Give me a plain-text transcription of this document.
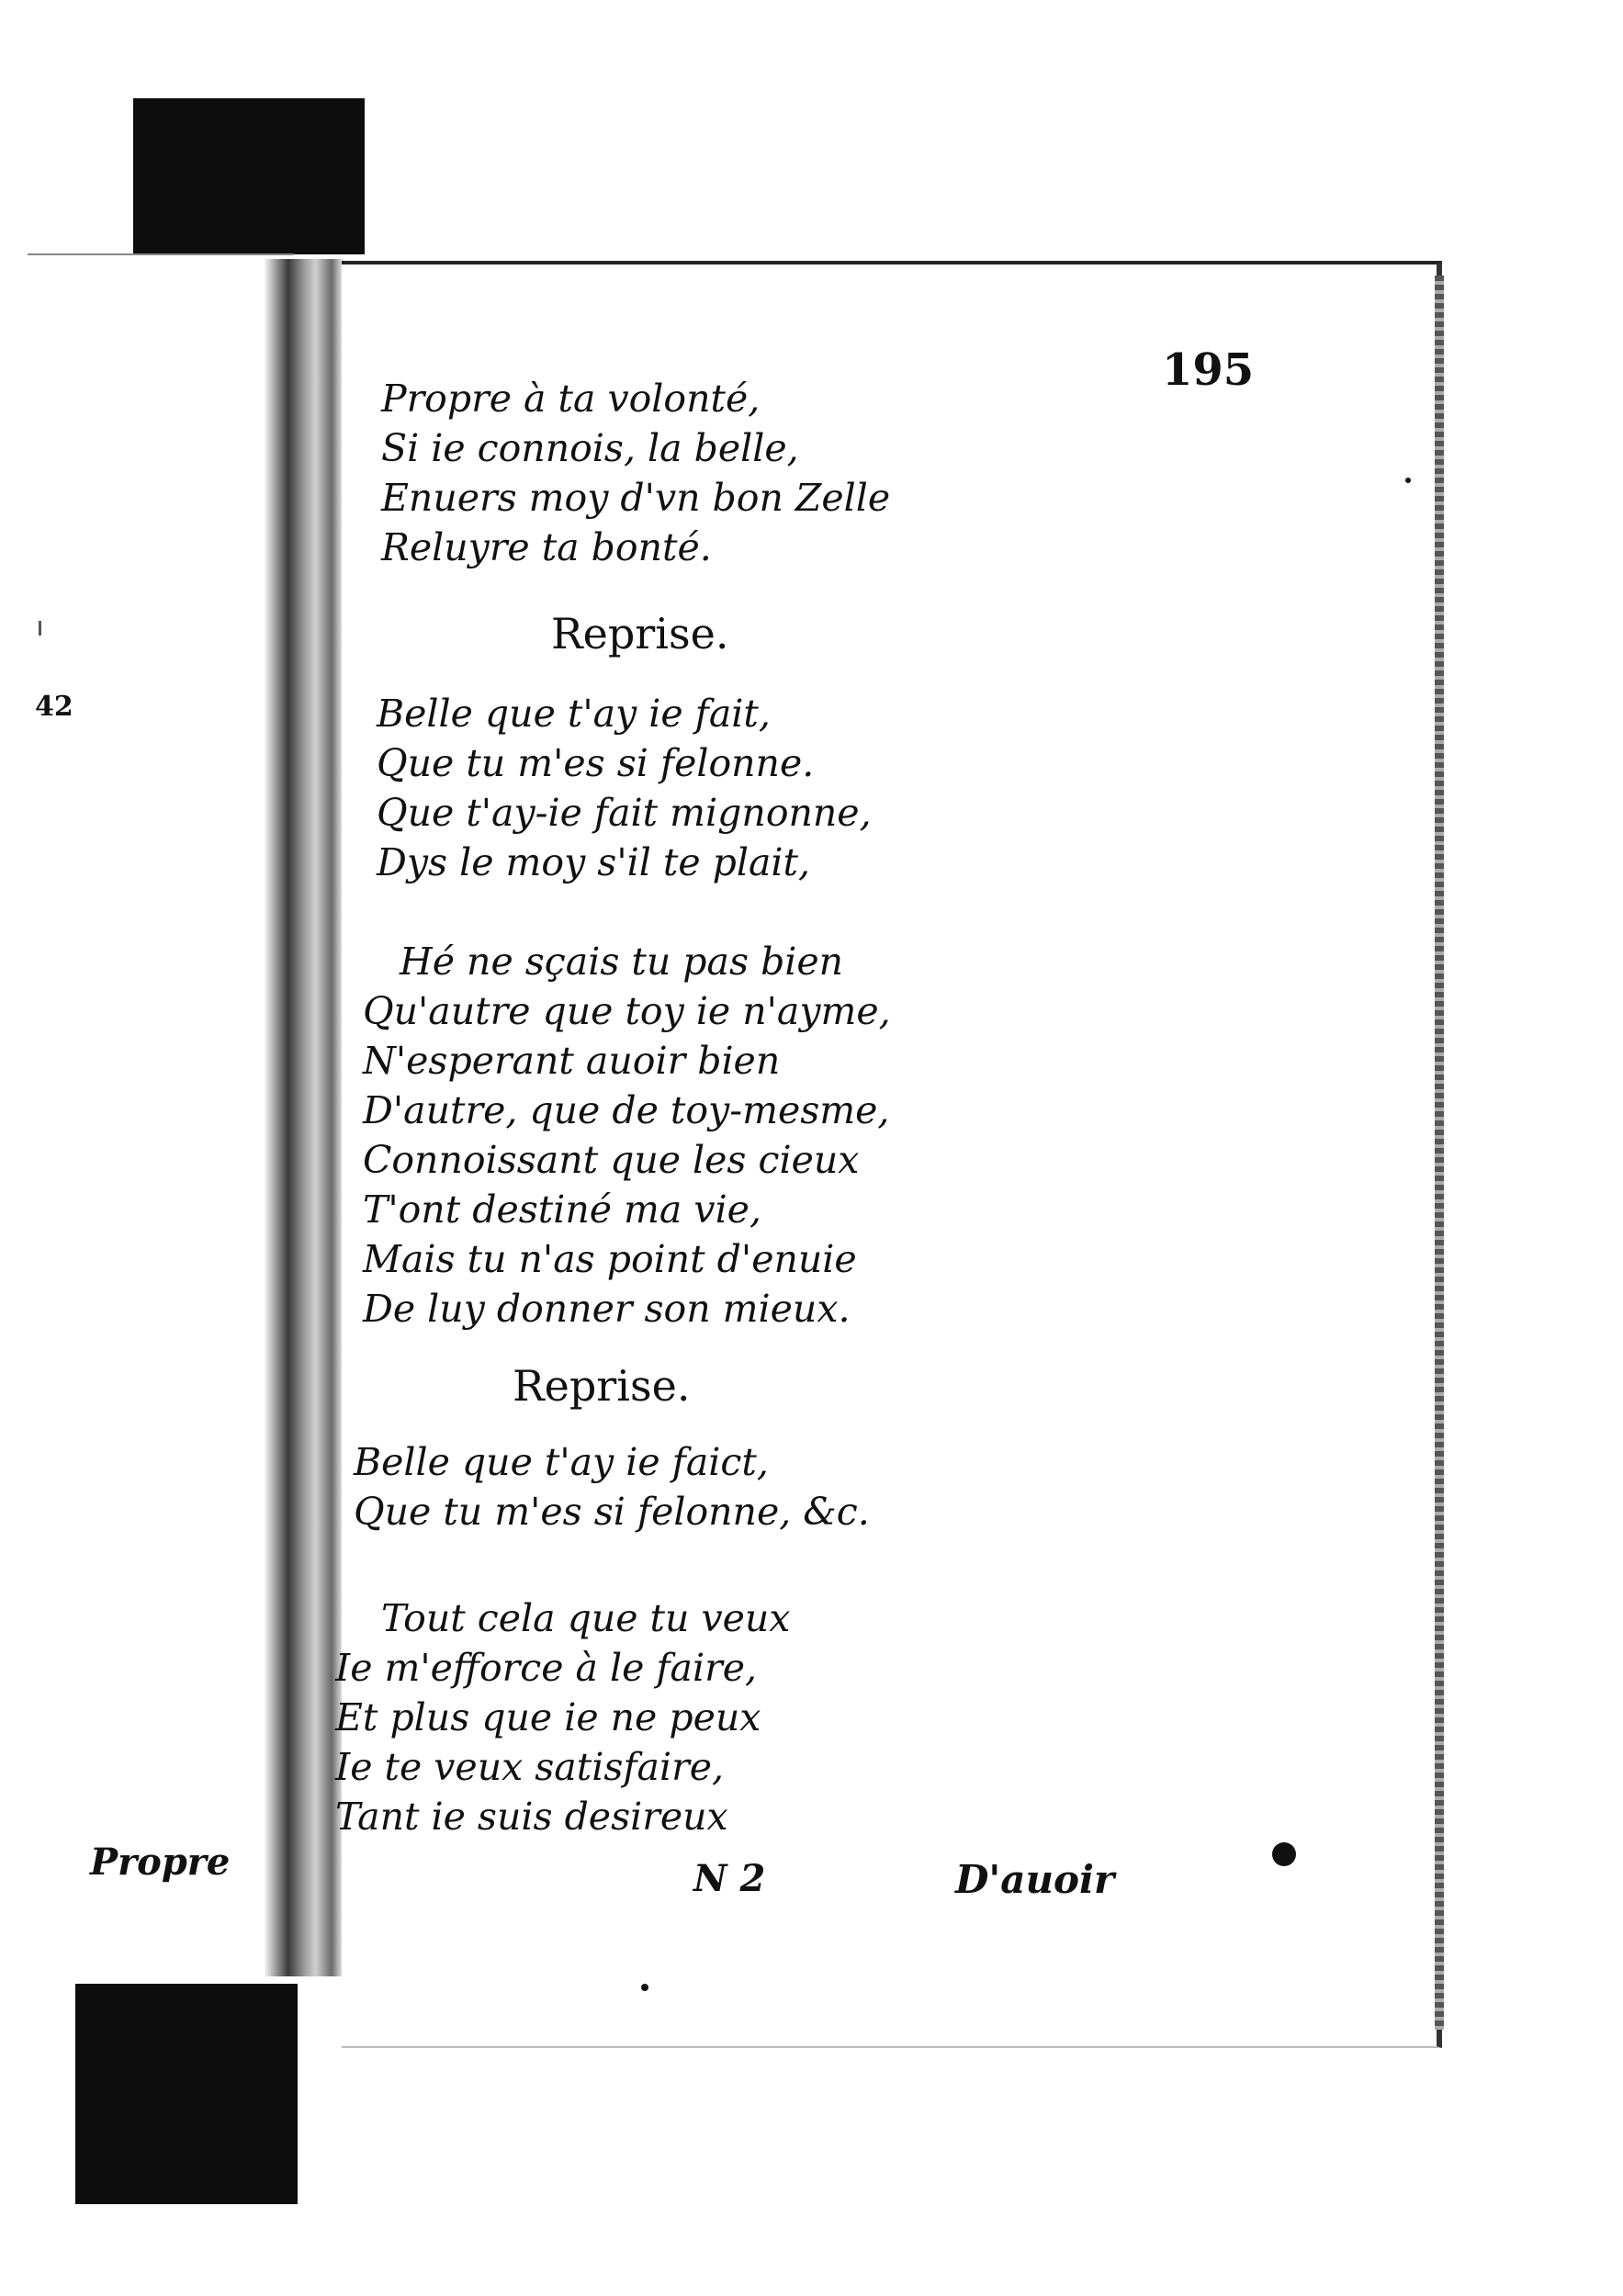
42
Propre
195
Propre à ta volonté,
Si ie connois, la belle,
Enuers moy d'vn bon Zelle
Reluyre ta bonté.
Reprise.
Belle que t'ay ie fait,
Que tu m'es si felonne.
Que t'ay-ie fait mignonne,
Dys le moy s'il te plait,
Hé ne sçais tu pas bien
Qu'autre que toy ie n'ayme,
N'esperant auoir bien
D'autre, que de toy-mesme,
Connoissant que les cieux
T'ont destiné ma vie,
Mais tu n'as point d'enuie
De luy donner son mieux.
Reprise.
Belle que t'ay ie faict,
Que tu m'es si felonne, &c.
Tout cela que tu veux
Ie m'efforce à le faire,
Et plus que ie ne peux
Ie te veux satisfaire,
Tant ie suis desireux
N 2	D'auoir
